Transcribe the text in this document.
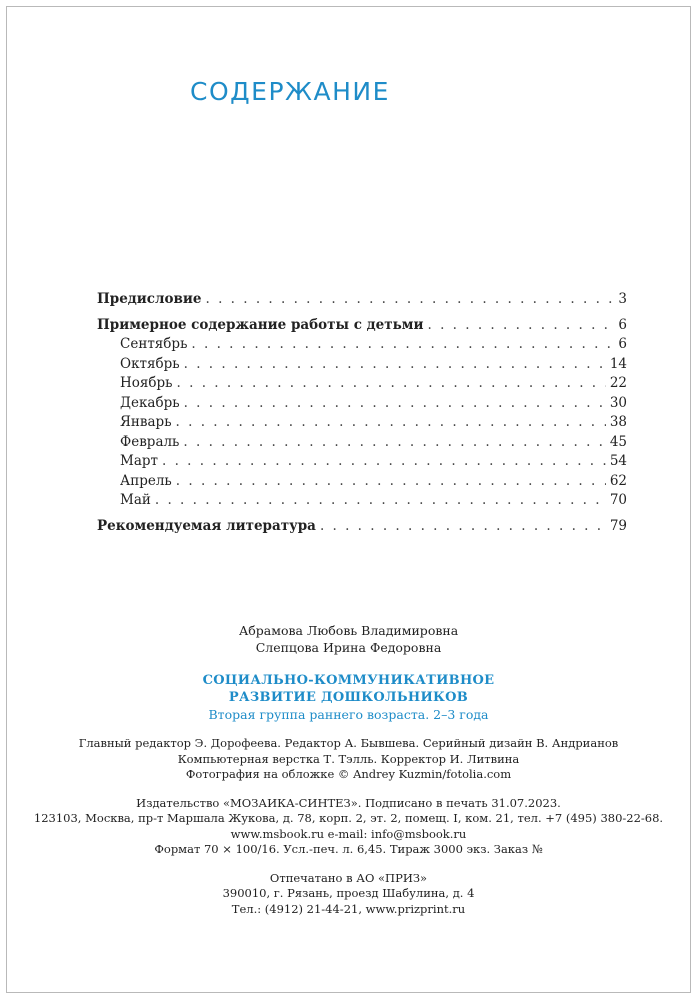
СОДЕРЖАНИЕ
Предисловие . . .	3
Примерное содержание работы с детьми . . .	6
Сентябрь . . .	6
Октябрь . . .	14
Ноябрь . . .	22
Декабрь . . .	30
Январь . . .	38
Февраль . . .	45
Март . . .	54
Апрель . . .	62
Май . . .	70
Рекомендуемая литература . . .	79
Абрамова Любовь Владимировна
Слепцова Ирина Федоровна
СОЦИАЛЬНО-КОММУНИКАТИВНОЕ
РАЗВИТИЕ ДОШКОЛЬНИКОВ
Вторая группа раннего возраста. 2–3 года
Главный редактор Э. Дорофеева. Редактор А. Бывшева. Серийный дизайн В. Андрианов
Компьютерная верстка Т. Тэлль. Корректор И. Литвина
Фотография на обложке © Andrey Kuzmin/fotolia.com
Издательство «МОЗАИКА-СИНТЕЗ». Подписано в печать 31.07.2023.
123103, Москва, пр-т Маршала Жукова, д. 78, корп. 2, эт. 2, помещ. I, ком. 21, тел. +7 (495) 380-22-68.
www.msbook.ru e-mail: info@msbook.ru
Формат 70 × 100/16. Усл.-печ. л. 6,45. Тираж 3000 экз. Заказ №
Отпечатано в АО «ПРИЗ»
390010, г. Рязань, проезд Шабулина, д. 4
Тел.: (4912) 21-44-21, www.prizprint.ru
